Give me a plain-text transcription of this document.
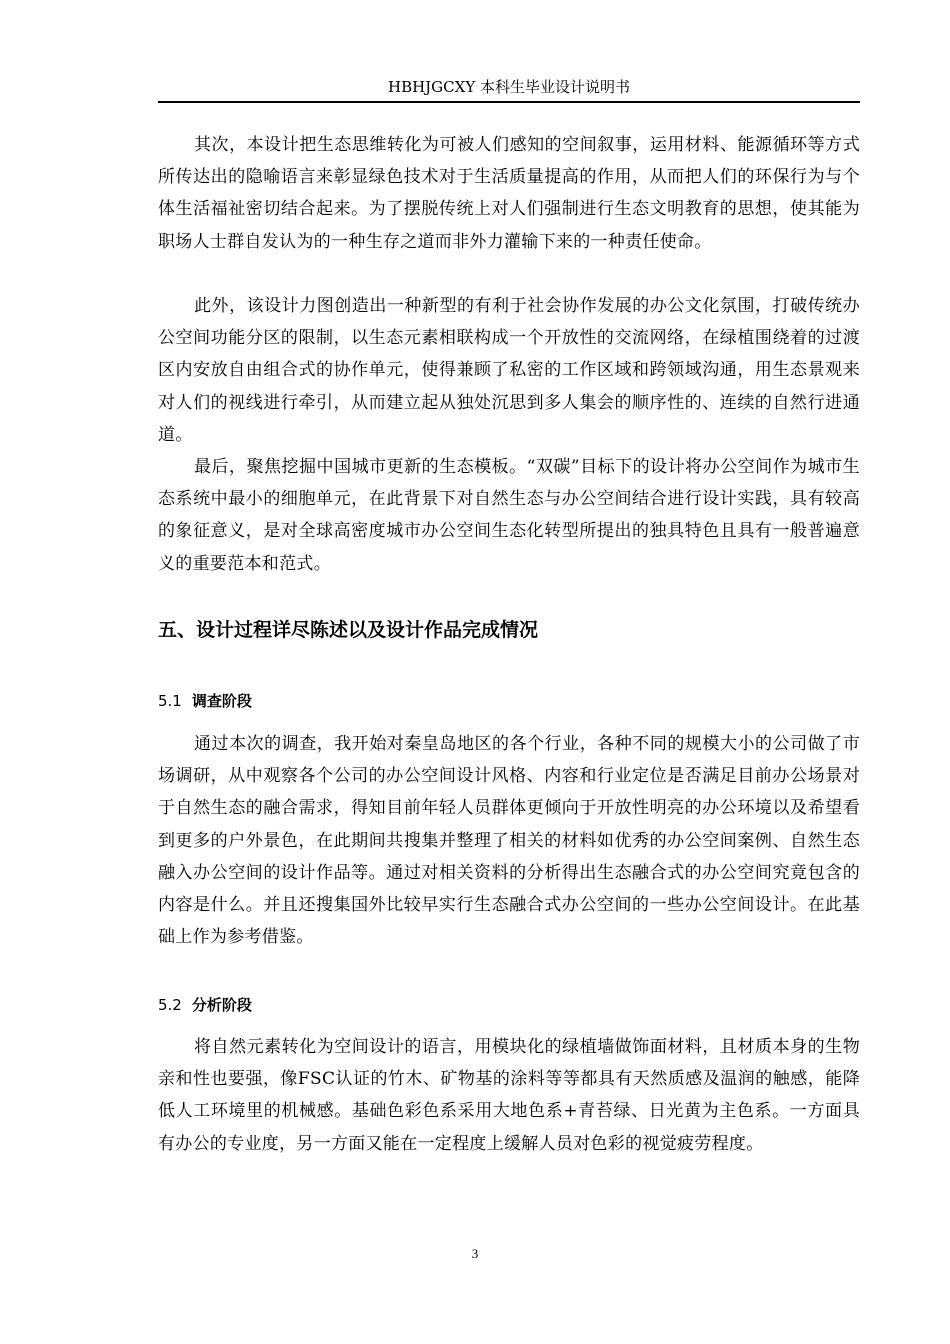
HBHJGCXY 本科生毕业设计说明书

其次，本设计把生态思维转化为可被人们感知的空间叙事，运用材料、能源循环等方式所传达出的隐喻语言来彰显绿色技术对于生活质量提高的作用，从而把人们的环保行为与个体生活福祉密切结合起来。为了摆脱传统上对人们强制进行生态文明教育的思想，使其能为职场人士群自发认为的一种生存之道而非外力灌输下来的一种责任使命。

此外，该设计力图创造出一种新型的有利于社会协作发展的办公文化氛围，打破传统办公空间功能分区的限制，以生态元素相联构成一个开放性的交流网络，在绿植围绕着的过渡区内安放自由组合式的协作单元，使得兼顾了私密的工作区域和跨领域沟通，用生态景观来对人们的视线进行牵引，从而建立起从独处沉思到多人集会的顺序性的、连续的自然行进通道。

最后，聚焦挖掘中国城市更新的生态模板。“双碳”目标下的设计将办公空间作为城市生态系统中最小的细胞单元，在此背景下对自然生态与办公空间结合进行设计实践，具有较高的象征意义，是对全球高密度城市办公空间生态化转型所提出的独具特色且具有一般普遍意义的重要范本和范式。

五、设计过程详尽陈述以及设计作品完成情况
5.1 调查阶段

通过本次的调查，我开始对秦皇岛地区的各个行业，各种不同的规模大小的公司做了市场调研，从中观察各个公司的办公空间设计风格、内容和行业定位是否满足目前办公场景对于自然生态的融合需求，得知目前年轻人员群体更倾向于开放性明亮的办公环境以及希望看到更多的户外景色，在此期间共搜集并整理了相关的材料如优秀的办公空间案例、自然生态融入办公空间的设计作品等。通过对相关资料的分析得出生态融合式的办公空间究竟包含的内容是什么。并且还搜集国外比较早实行生态融合式办公空间的一些办公空间设计。在此基础上作为参考借鉴。

5.2 分析阶段

将自然元素转化为空间设计的语言，用模块化的绿植墙做饰面材料，且材质本身的生物亲和性也要强，像FSC认证的竹木、矿物基的涂料等等都具有天然质感及温润的触感，能降低人工环境里的机械感。基础色彩色系采用大地色系+青苔绿、日光黄为主色系。一方面具有办公的专业度，另一方面又能在一定程度上缓解人员对色彩的视觉疲劳程度。

3
